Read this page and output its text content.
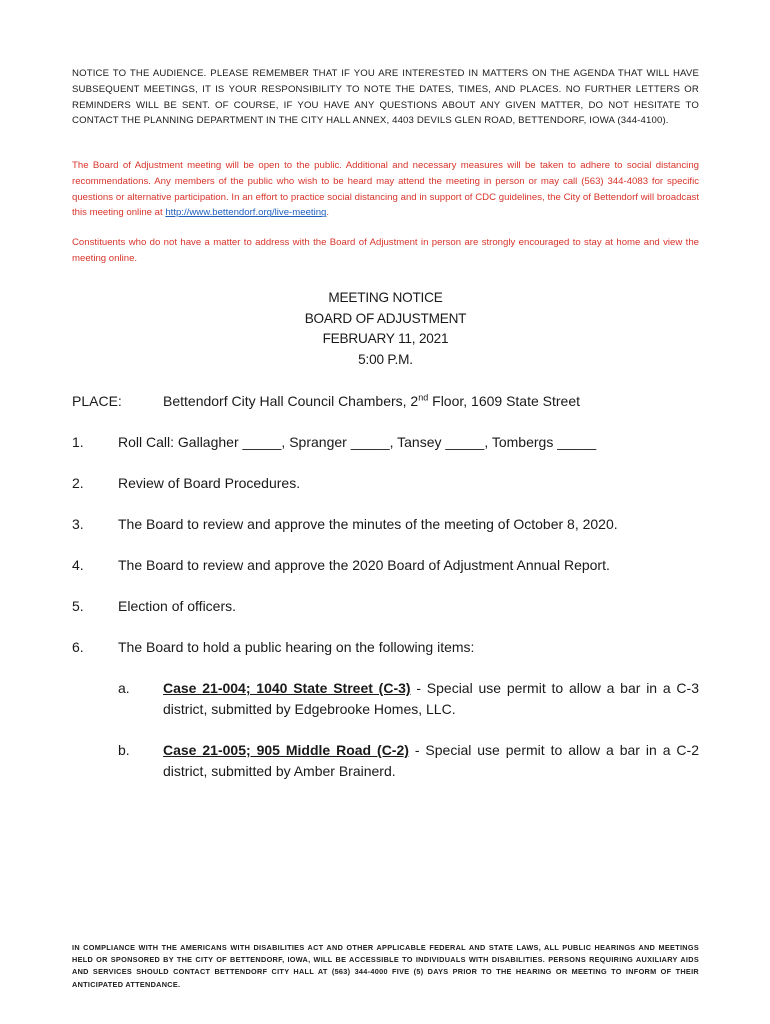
NOTICE TO THE AUDIENCE. PLEASE REMEMBER THAT IF YOU ARE INTERESTED IN MATTERS ON THE AGENDA THAT WILL HAVE SUBSEQUENT MEETINGS, IT IS YOUR RESPONSIBILITY TO NOTE THE DATES, TIMES, AND PLACES. NO FURTHER LETTERS OR REMINDERS WILL BE SENT. OF COURSE, IF YOU HAVE ANY QUESTIONS ABOUT ANY GIVEN MATTER, DO NOT HESITATE TO CONTACT THE PLANNING DEPARTMENT IN THE CITY HALL ANNEX, 4403 DEVILS GLEN ROAD, BETTENDORF, IOWA (344-4100).

The Board of Adjustment meeting will be open to the public. Additional and necessary measures will be taken to adhere to social distancing recommendations. Any members of the public who wish to be heard may attend the meeting in person or may call (563) 344-4083 for specific questions or alternative participation. In an effort to practice social distancing and in support of CDC guidelines, the City of Bettendorf will broadcast this meeting online at http://www.bettendorf.org/live-meeting.

Constituents who do not have a matter to address with the Board of Adjustment in person are strongly encouraged to stay at home and view the meeting online.

MEETING NOTICE
BOARD OF ADJUSTMENT
FEBRUARY 11, 2021
5:00 P.M.
PLACE:	Bettendorf City Hall Council Chambers, 2nd Floor, 1609 State Street
1. Roll Call: Gallagher _____, Spranger _____, Tansey _____, Tombergs _____
2. Review of Board Procedures.
3. The Board to review and approve the minutes of the meeting of October 8, 2020.
4. The Board to review and approve the 2020 Board of Adjustment Annual Report.
5. Election of officers.
6. The Board to hold a public hearing on the following items:
a. Case 21-004; 1040 State Street (C-3) - Special use permit to allow a bar in a C-3 district, submitted by Edgebrooke Homes, LLC.
b. Case 21-005; 905 Middle Road (C-2) - Special use permit to allow a bar in a C-2 district, submitted by Amber Brainerd.

IN COMPLIANCE WITH THE AMERICANS WITH DISABILITIES ACT AND OTHER APPLICABLE FEDERAL AND STATE LAWS, ALL PUBLIC HEARINGS AND MEETINGS HELD OR SPONSORED BY THE CITY OF BETTENDORF, IOWA, WILL BE ACCESSIBLE TO INDIVIDUALS WITH DISABILITIES. PERSONS REQUIRING AUXILIARY AIDS AND SERVICES SHOULD CONTACT BETTENDORF CITY HALL AT (563) 344-4000 FIVE (5) DAYS PRIOR TO THE HEARING OR MEETING TO INFORM OF THEIR ANTICIPATED ATTENDANCE.
